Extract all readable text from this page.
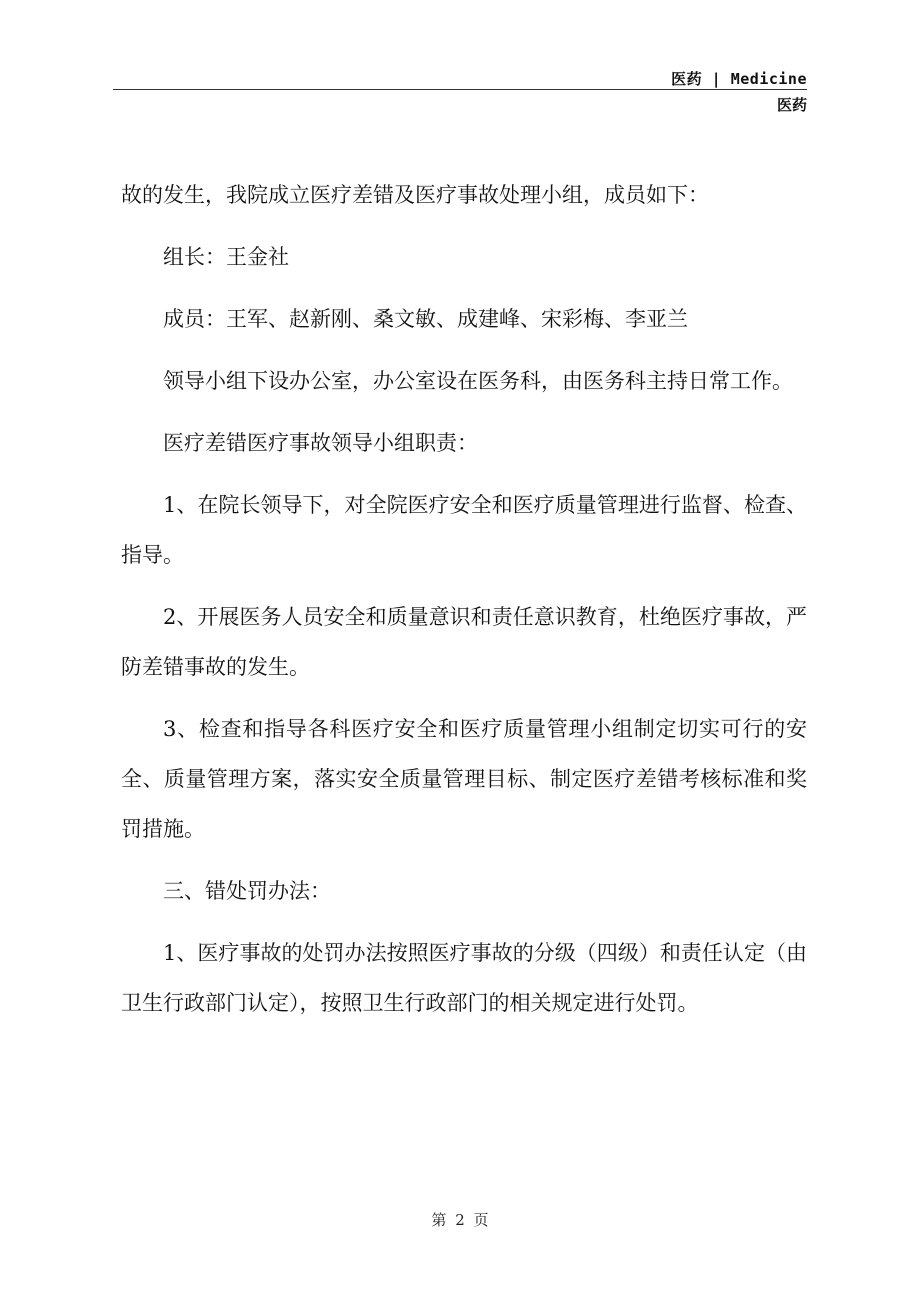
医药 | Medicine
医药

故的发生，我院成立医疗差错及医疗事故处理小组，成员如下：

组长：王金社

成员：王军、赵新刚、桑文敏、成建峰、宋彩梅、李亚兰

领导小组下设办公室，办公室设在医务科，由医务科主持日常工作。

医疗差错医疗事故领导小组职责：

1、在院长领导下，对全院医疗安全和医疗质量管理进行监督、检查、指导。

2、开展医务人员安全和质量意识和责任意识教育，杜绝医疗事故，严防差错事故的发生。

3、检查和指导各科医疗安全和医疗质量管理小组制定切实可行的安全、质量管理方案，落实安全质量管理目标、制定医疗差错考核标准和奖罚措施。

三、错处罚办法：

1、医疗事故的处罚办法按照医疗事故的分级（四级）和责任认定（由卫生行政部门认定），按照卫生行政部门的相关规定进行处罚。

第 2 页
